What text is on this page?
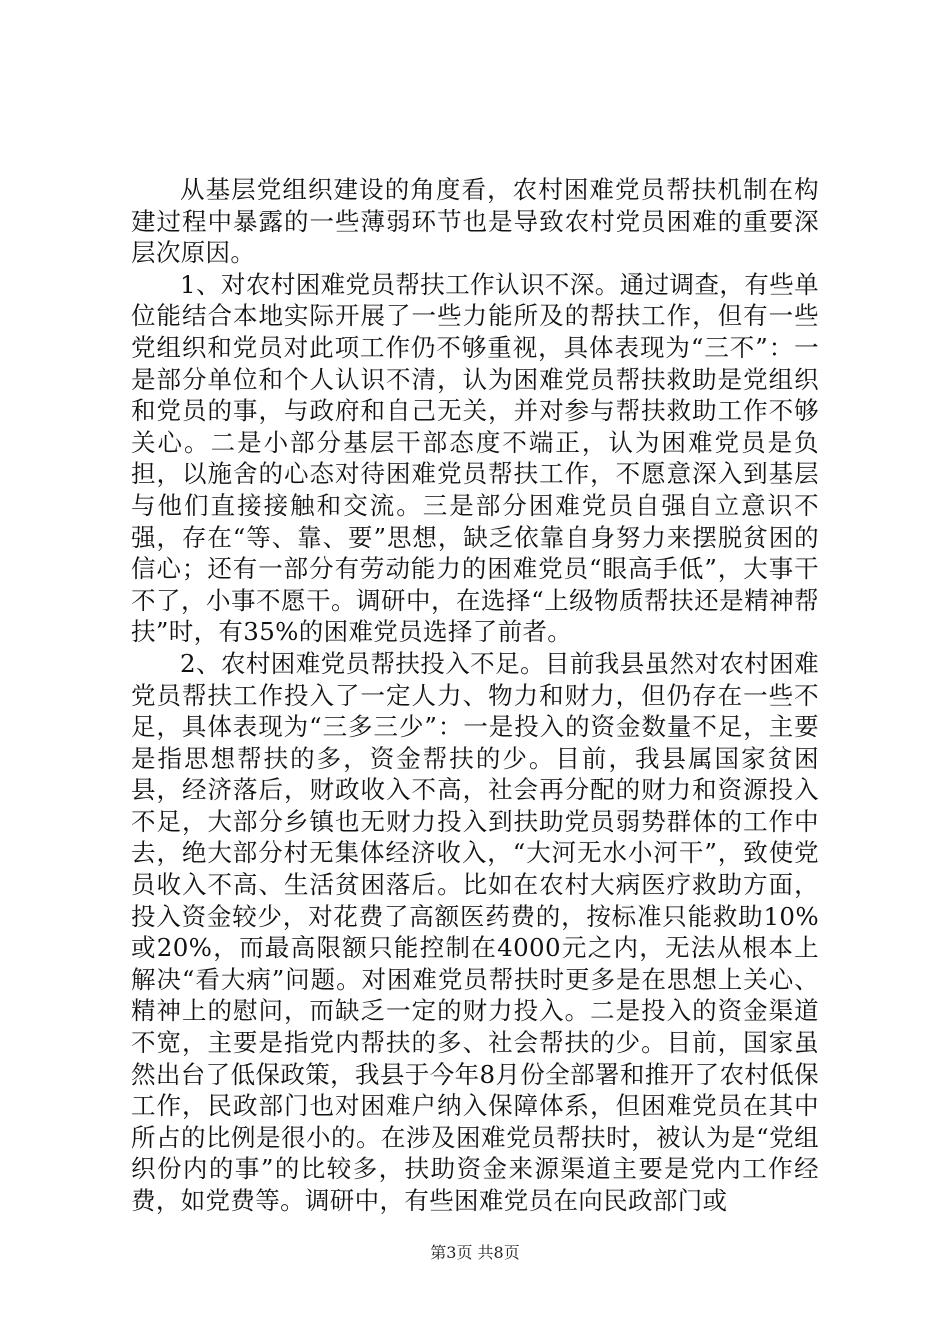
从基层党组织建设的角度看，农村困难党员帮扶机制在构建过程中暴露的一些薄弱环节也是导致农村党员困难的重要深层次原因。

1、对农村困难党员帮扶工作认识不深。通过调查，有些单位能结合本地实际开展了一些力能所及的帮扶工作，但有一些党组织和党员对此项工作仍不够重视，具体表现为“三不”：一是部分单位和个人认识不清，认为困难党员帮扶救助是党组织和党员的事，与政府和自己无关，并对参与帮扶救助工作不够关心。二是小部分基层干部态度不端正，认为困难党员是负担，以施舍的心态对待困难党员帮扶工作，不愿意深入到基层与他们直接接触和交流。三是部分困难党员自强自立意识不强，存在“等、靠、要”思想，缺乏依靠自身努力来摆脱贫困的信心；还有一部分有劳动能力的困难党员“眼高手低”，大事干不了，小事不愿干。调研中，在选择“上级物质帮扶还是精神帮扶”时，有35%的困难党员选择了前者。

2、农村困难党员帮扶投入不足。目前我县虽然对农村困难党员帮扶工作投入了一定人力、物力和财力，但仍存在一些不足，具体表现为“三多三少”：一是投入的资金数量不足，主要是指思想帮扶的多，资金帮扶的少。目前，我县属国家贫困县，经济落后，财政收入不高，社会再分配的财力和资源投入不足，大部分乡镇也无财力投入到扶助党员弱势群体的工作中去，绝大部分村无集体经济收入，“大河无水小河干”，致使党员收入不高、生活贫困落后。比如在农村大病医疗救助方面，投入资金较少，对花费了高额医药费的，按标准只能救助10%或20%，而最高限额只能控制在4000元之内，无法从根本上解决“看大病”问题。对困难党员帮扶时更多是在思想上关心、精神上的慰问，而缺乏一定的财力投入。二是投入的资金渠道不宽，主要是指党内帮扶的多、社会帮扶的少。目前，国家虽然出台了低保政策，我县于今年8月份全部署和推开了农村低保工作，民政部门也对困难户纳入保障体系，但困难党员在其中所占的比例是很小的。在涉及困难党员帮扶时，被认为是“党组织份内的事”的比较多，扶助资金来源渠道主要是党内工作经费，如党费等。调研中，有些困难党员在向民政部门或

第3页 共8页
